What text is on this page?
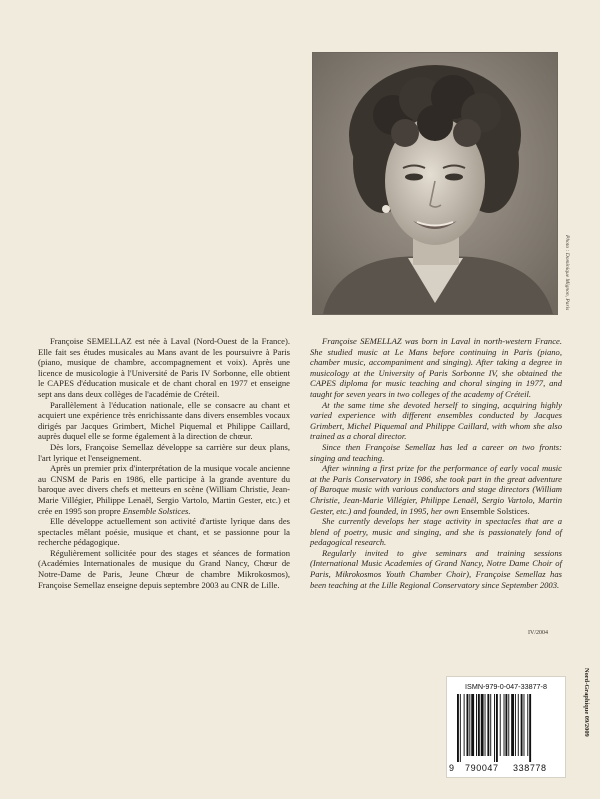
Photo : Dominique Mignon, Paris

Françoise SEMELLAZ est née à Laval (Nord-Ouest de la France). Elle fait ses études musicales au Mans avant de les poursuivre à Paris (piano, musique de chambre, accompagnement et voix). Après une licence de musicologie à l'Université de Paris IV Sorbonne, elle obtient le CAPES d'éducation musicale et de chant choral en 1977 et enseigne sept ans dans deux collèges de l'académie de Créteil.

Parallèlement à l'éducation nationale, elle se consacre au chant et acquiert une expérience très enrichissante dans divers ensembles vocaux dirigés par Jacques Grimbert, Michel Piquemal et Philippe Caillard, auprès duquel elle se forme également à la direction de chœur.

Dès lors, Françoise Semellaz développe sa carrière sur deux plans, l'art lyrique et l'enseignement.

Après un premier prix d'interprétation de la musique vocale ancienne au CNSM de Paris en 1986, elle participe à la grande aventure du baroque avec divers chefs et metteurs en scène (William Christie, Jean-Marie Villégier, Philippe Lenaël, Sergio Vartolo, Martin Gester, etc.) et crée en 1995 son propre Ensemble Solstices.

Elle développe actuellement son activité d'artiste lyrique dans des spectacles mêlant poésie, musique et chant, et se passionne pour la recherche pédagogique.

Régulièrement sollicitée pour des stages et séances de formation (Académies Internationales de musique du Grand Nancy, Chœur de Notre-Dame de Paris, Jeune Chœur de chambre Mikrokosmos), Françoise Semellaz enseigne depuis septembre 2003 au CNR de Lille.

Françoise SEMELLAZ was born in Laval in north-western France. She studied music at Le Mans before continuing in Paris (piano, chamber music, accompaniment and singing). After taking a degree in musicology at the University of Paris Sorbonne IV, she obtained the CAPES diploma for music teaching and choral singing in 1977, and taught for seven years in two colleges of the academy of Créteil.

At the same time she devoted herself to singing, acquiring highly varied experience with different ensembles conducted by Jacques Grimbert, Michel Piquemal and Philippe Caillard, with whom she also trained as a choral director.

Since then Françoise Semellaz has led a career on two fronts: singing and teaching.

After winning a first prize for the performance of early vocal music at the Paris Conservatory in 1986, she took part in the great adventure of Baroque music with various conductors and stage directors (William Christie, Jean-Marie Villégier, Philippe Lenaël, Sergio Vartolo, Martin Gester, etc.) and founded, in 1995, her own Ensemble Solstices.

She currently develops her stage activity in spectacles that are a blend of poetry, music and singing, and she is passionately fond of pedagogical research.

Regularly invited to give seminars and training sessions (International Music Academies of Grand Nancy, Notre Dame Choir of Paris, Mikrokosmos Youth Chamber Choir), Françoise Semellaz has been teaching at the Lille Regional Conservatory since September 2003.

IV/2004
ISMN-979-0-047-33877-8
9 790047 338778
Nord-Graphique 09/2009
